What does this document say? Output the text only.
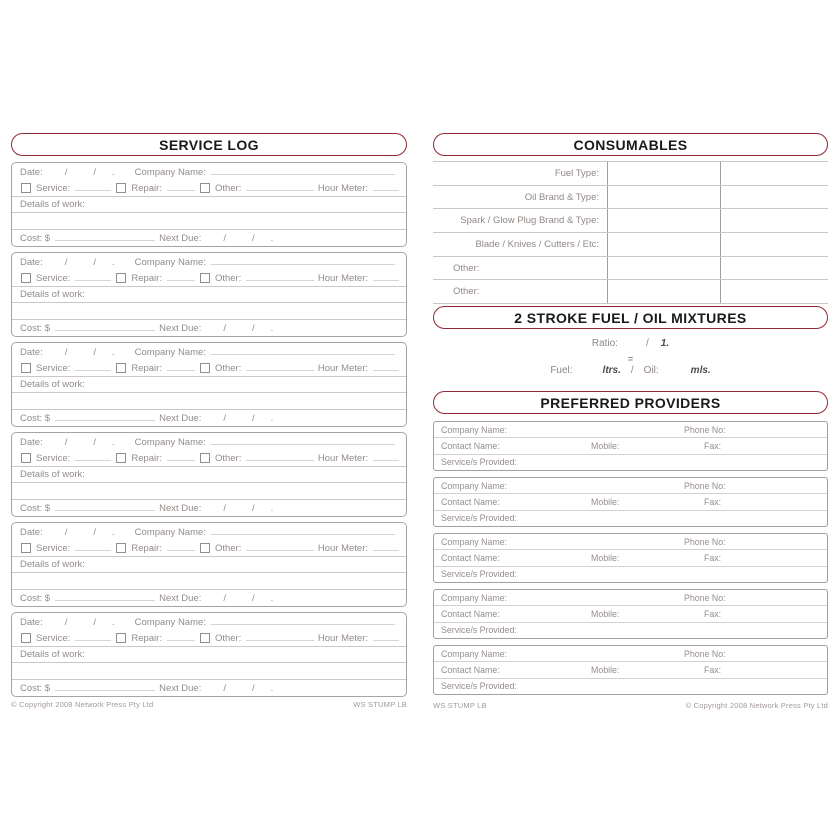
SERVICE LOG
Date: /	/ . Company Name:
Service:	Repair:	Other:	Hour Meter:
Details of work:
Cost: $	Next Due: /	/ .
Date: /	/ . Company Name:
Service:	Repair:	Other:	Hour Meter:
Details of work:
Cost: $	Next Due: /	/ .
Date: /	/ . Company Name:
Service:	Repair:	Other:	Hour Meter:
Details of work:
Cost: $	Next Due: /	/ .
Date: /	/ . Company Name:
Service:	Repair:	Other:	Hour Meter:
Details of work:
Cost: $	Next Due: /	/ .
Date: /	/ . Company Name:
Service:	Repair:	Other:	Hour Meter:
Details of work:
Cost: $	Next Due: /	/ .
Date: /	/ . Company Name:
Service:	Repair:	Other:	Hour Meter:
Details of work:
Cost: $	Next Due: /	/ .
© Copyright 2008 Network Press Pty Ltd	WS STUMP LB
CONSUMABLES
Fuel Type:
Oil Brand & Type:
Spark / Glow Plug Brand & Type:
Blade / Knives / Cutters / Etc:
Other:
Other:
2 STROKE FUEL / OIL MIXTURES
Ratio:	/ 1.
=
Fuel:	ltrs. / Oil:	mls.
PREFERRED PROVIDERS
Company Name:	Phone No:
Contact Name:	Mobile:	Fax:
Service/s Provided:
Company Name:	Phone No:
Contact Name:	Mobile:	Fax:
Service/s Provided:
Company Name:	Phone No:
Contact Name:	Mobile:	Fax:
Service/s Provided:
Company Name:	Phone No:
Contact Name:	Mobile:	Fax:
Service/s Provided:
Company Name:	Phone No:
Contact Name:	Mobile:	Fax:
Service/s Provided:
WS STUMP LB	© Copyright 2008 Network Press Pty Ltd
